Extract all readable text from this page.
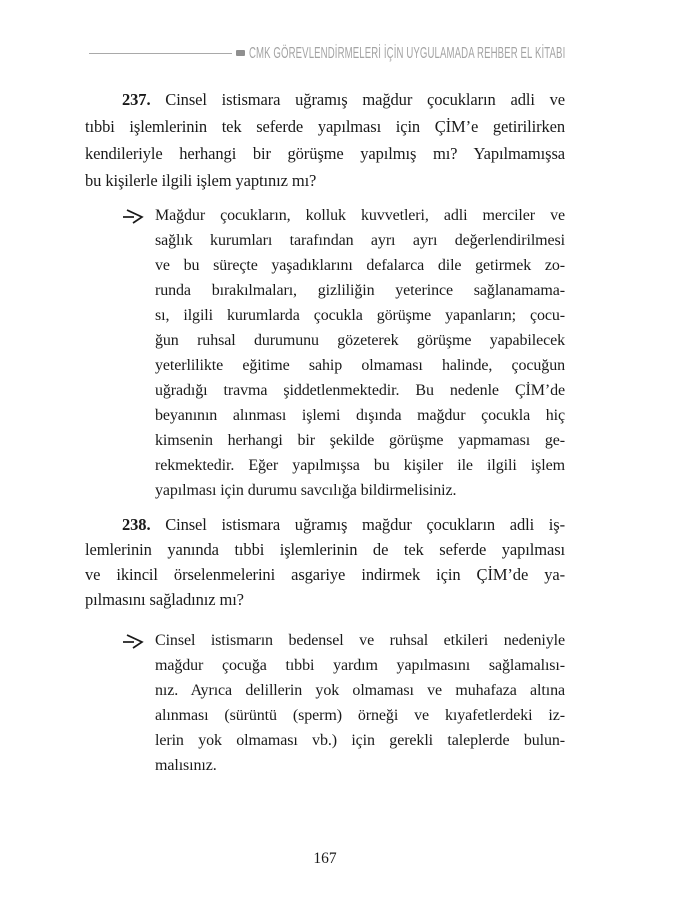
CMK GÖREVLENDİRMELERİ İÇİN UYGULAMADA REHBER EL KİTABI
237. Cinsel istismara uğramış mağdur çocukların adli ve
tıbbi işlemlerinin tek seferde yapılması için ÇİM’e getirilirken
kendileriyle herhangi bir görüşme yapılmış mı? Yapılmamışsa
bu kişilerle ilgili işlem yaptınız mı?
Mağdur çocukların, kolluk kuvvetleri, adli merciler ve
sağlık kurumları tarafından ayrı ayrı değerlendirilmesi
ve bu süreçte yaşadıklarını defalarca dile getirmek zo-
runda bırakılmaları, gizliliğin yeterince sağlanamama-
sı, ilgili kurumlarda çocukla görüşme yapanların; çocu-
ğun ruhsal durumunu gözeterek görüşme yapabilecek
yeterlilikte eğitime sahip olmaması halinde, çocuğun
uğradığı travma şiddetlenmektedir. Bu nedenle ÇİM’de
beyanının alınması işlemi dışında mağdur çocukla hiç
kimsenin herhangi bir şekilde görüşme yapmaması ge-
rekmektedir. Eğer yapılmışsa bu kişiler ile ilgili işlem
yapılması için durumu savcılığa bildirmelisiniz.
238. Cinsel istismara uğramış mağdur çocukların adli iş-
lemlerinin yanında tıbbi işlemlerinin de tek seferde yapılması
ve ikincil örselenmelerini asgariye indirmek için ÇİM’de ya-
pılmasını sağladınız mı?
Cinsel istismarın bedensel ve ruhsal etkileri nedeniyle
mağdur çocuğa tıbbi yardım yapılmasını sağlamalısı-
nız. Ayrıca delillerin yok olmaması ve muhafaza altına
alınması (sürüntü (sperm) örneği ve kıyafetlerdeki iz-
lerin yok olmaması vb.) için gerekli taleplerde bulun-
malısınız.
167
